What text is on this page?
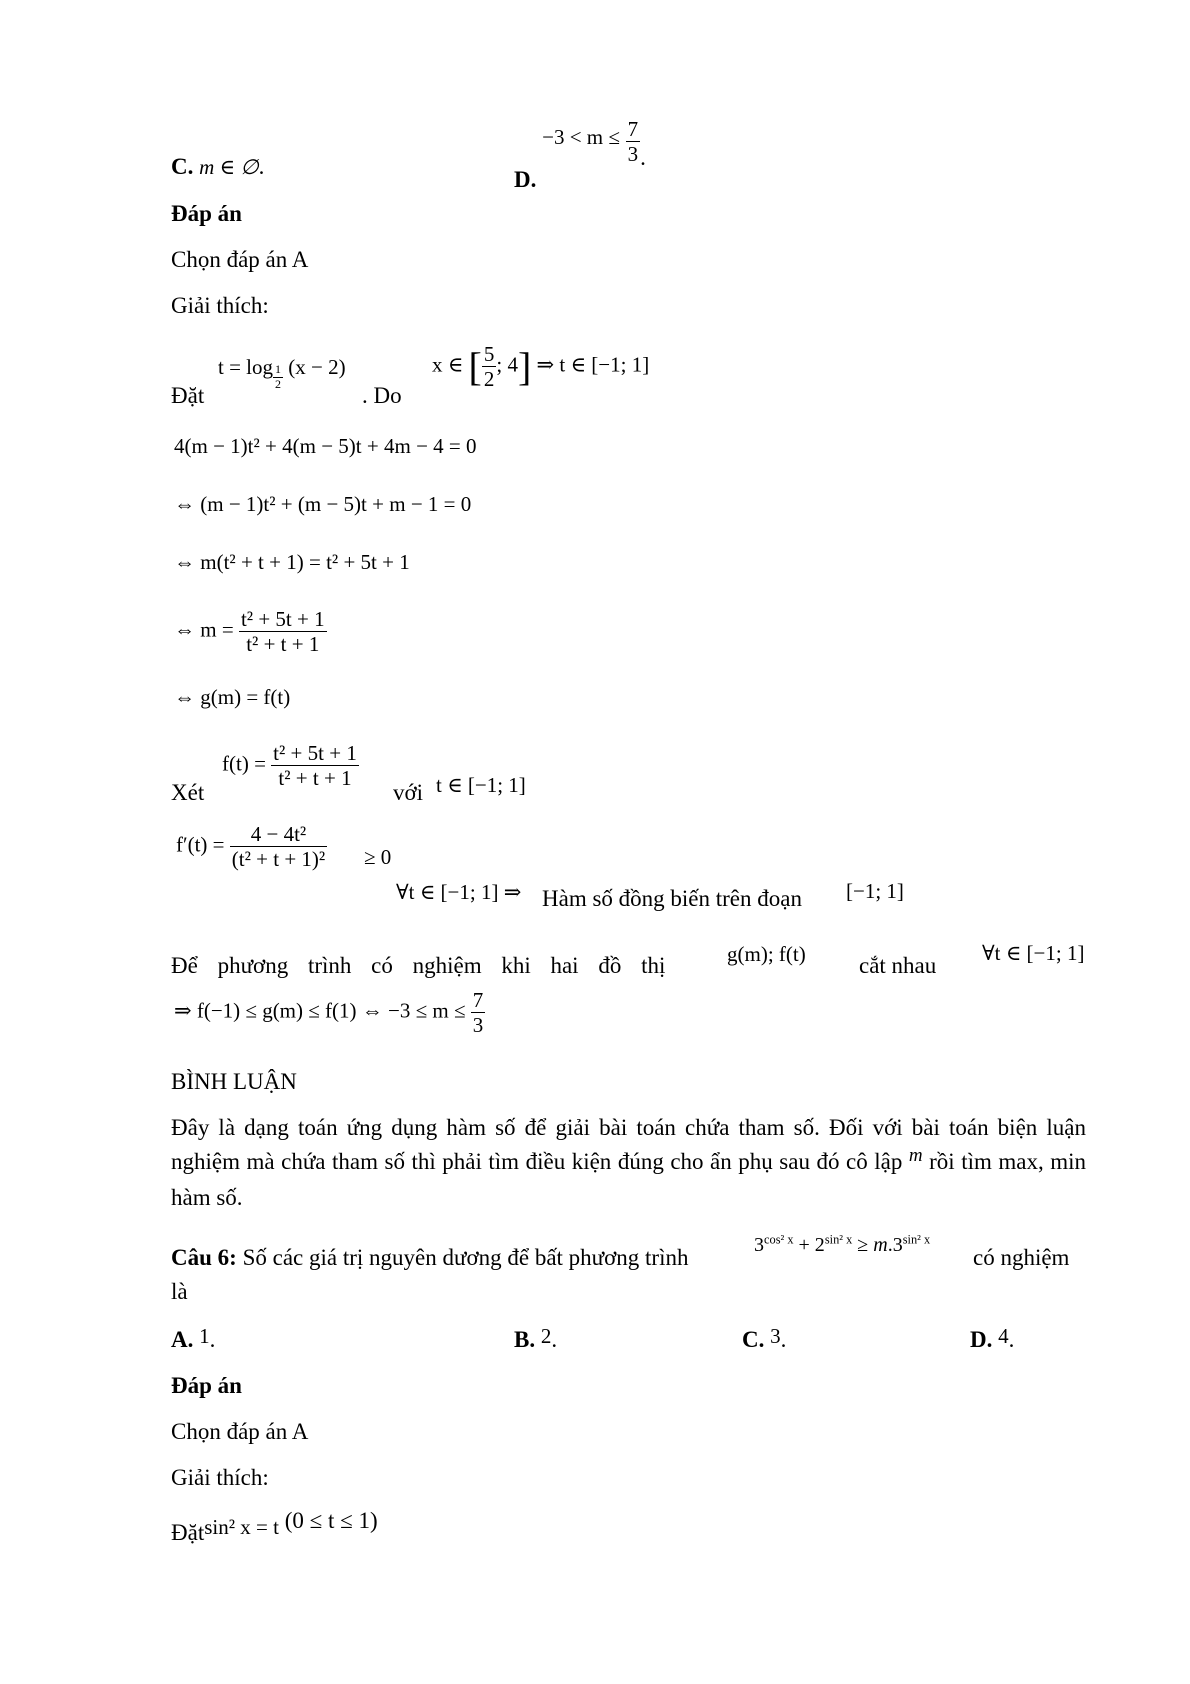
C. m ∈ ∅.
D. $-3 < m \le \frac{7}{3}$ .
Đáp án
Chọn đáp án A
Giải thích:
Đặt
$t = \log \frac{1}{2} (x - 2)$
. Do
x ∈ [ $\frac{5}{2}$ ; 4] ⇒ t ∈ [−1; 1]
4(m − 1)t² + 4(m − 5)t + 4m − 4 = 0
⇔ (m − 1)t² + (m − 5)t + m − 1 = 0
⇔ m(t² + t + 1) = t² + 5t + 1
⇔ $m = \frac{\text{t² + 5t + 1}}{\text{t² + t + 1}}$
⇔ g(m) = f(t)
Xét
$f(t) = \frac{\text{t² + 5t + 1}}{\text{t² + t + 1}}$
với t ∈ [−1; 1]
$f'(t) = \frac{\text{4 − 4t²}}{\text{(t² + t + 1)²}} \ge 0$
∀t ∈ [−1; 1] ⇒ Hàm số đồng biến trên đoạn [−1; 1]
Để phương trình có nghiệm khi hai đồ thị	g(m); f(t) cắt nhau ∀t ∈ [−1; 1]
⇒ f(−1) ≤ g(m) ≤ f(1) ⇔ $-3 \le m \le \frac{7}{3}$
BÌNH LUẬN
Đây là dạng toán ứng dụng hàm số để giải bài toán chứa tham số. Đối với bài toán biện luận nghiệm mà chứa tham số thì phải tìm điều kiện đúng cho ẩn phụ sau đó cô lập $^m$ rồi tìm max, min hàm số.
Câu 6: Số các giá trị nguyên dương để bất phương trình	$3^{cos^2 x} + 2^{sin^2 x} \ge m.3^{sin^2 x}$
có nghiệm
là
A. 1.	B. 2.	C. 3.	D. 4.
Đáp án
Chọn đáp án A
Giải thích:
Đặtsin² x = t (0 ≤ t ≤ 1)
